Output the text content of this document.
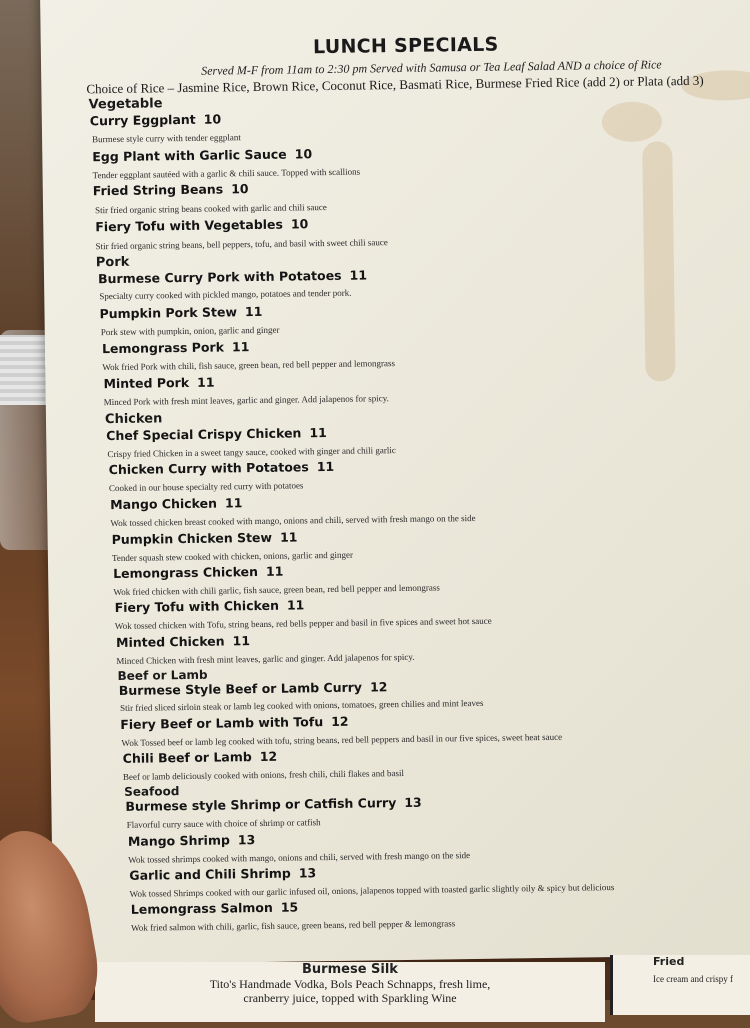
LUNCH SPECIALS
Served M-F from 11am to 2:30 pm Served with Samusa or Tea Leaf Salad AND a choice of Rice
Choice of Rice – Jasmine Rice, Brown Rice, Coconut Rice, Basmati Rice, Burmese Fried Rice (add 2) or Plata (add 3)
Vegetable
Curry Eggplant 10
Burmese style curry with tender eggplant
Egg Plant with Garlic Sauce 10
Tender eggplant sautéed with a garlic & chili sauce. Topped with scallions
Fried String Beans 10
Stir fried organic string beans cooked with garlic and chili sauce
Fiery Tofu with Vegetables 10
Stir fried organic string beans, bell peppers, tofu, and basil with sweet chili sauce
Pork
Burmese Curry Pork with Potatoes 11
Specialty curry cooked with pickled mango, potatoes and tender pork.
Pumpkin Pork Stew 11
Pork stew with pumpkin, onion, garlic and ginger
Lemongrass Pork 11
Wok fried Pork with chili, fish sauce, green bean, red bell pepper and lemongrass
Minted Pork 11
Minced Pork with fresh mint leaves, garlic and ginger. Add jalapenos for spicy.
Chicken
Chef Special Crispy Chicken 11
Crispy fried Chicken in a sweet tangy sauce, cooked with ginger and chili garlic
Chicken Curry with Potatoes 11
Cooked in our house specialty red curry with potatoes
Mango Chicken 11
Wok tossed chicken breast cooked with mango, onions and chili, served with fresh mango on the side
Pumpkin Chicken Stew 11
Tender squash stew cooked with chicken, onions, garlic and ginger
Lemongrass Chicken 11
Wok fried chicken with chili garlic, fish sauce, green bean, red bell pepper and lemongrass
Fiery Tofu with Chicken 11
Wok tossed chicken with Tofu, string beans, red bells pepper and basil in five spices and sweet hot sauce
Minted Chicken 11
Minced Chicken with fresh mint leaves, garlic and ginger. Add jalapenos for spicy.
Beef or Lamb
Burmese Style Beef or Lamb Curry 12
Stir fried sliced sirloin steak or lamb leg cooked with onions, tomatoes, green chilies and mint leaves
Fiery Beef or Lamb with Tofu 12
Wok Tossed beef or lamb leg cooked with tofu, string beans, red bell peppers and basil in our five spices, sweet heat sauce
Chili Beef or Lamb 12
Beef or lamb deliciously cooked with onions, fresh chili, chili flakes and basil
Seafood
Burmese style Shrimp or Catfish Curry 13
Flavorful curry sauce with choice of shrimp or catfish
Mango Shrimp 13
Wok tossed shrimps cooked with mango, onions and chili, served with fresh mango on the side
Garlic and Chili Shrimp 13
Wok tossed Shrimps cooked with our garlic infused oil, onions, jalapenos topped with toasted garlic slightly oily & spicy but delicious
Lemongrass Salmon 15
Wok fried salmon with chili, garlic, fish sauce, green beans, red bell pepper & lemongrass
Burmese Silk
Tito's Handmade Vodka, Bols Peach Schnapps, fresh lime,
cranberry juice, topped with Sparkling Wine
Fried
Ice cream and crispy f
